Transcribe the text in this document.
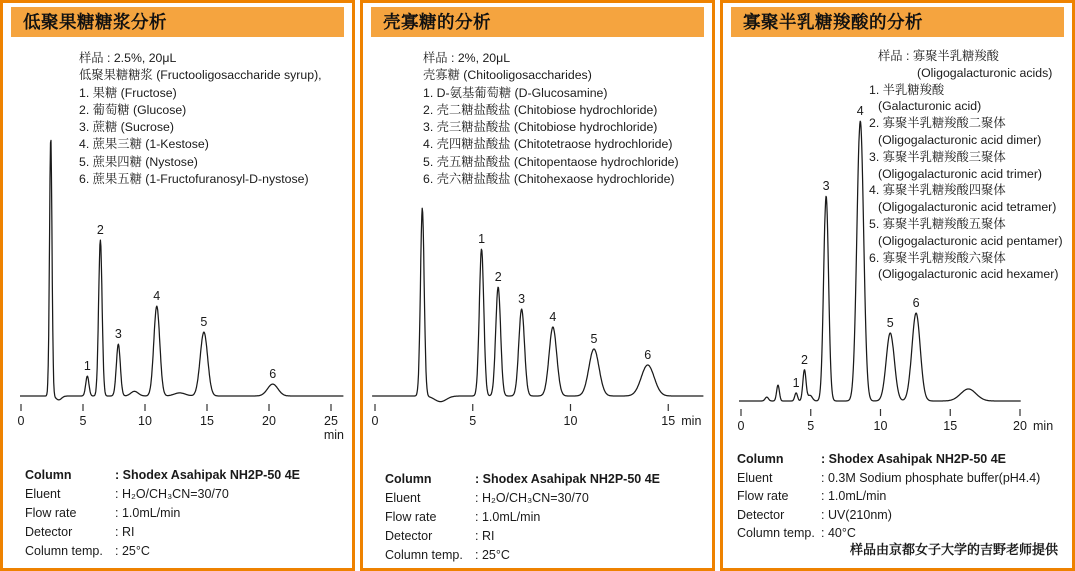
0	5	10	15	20	25
min
1
2
3
4
5
6
低聚果糖糖浆分析
样品 : 2.5%, 20μL
低聚果糖糖浆 (Fructooligosaccharide syrup),
1. 果糖 (Fructose)
2. 葡萄糖 (Glucose)
3. 蔗糖 (Sucrose)
4. 蔗果三糖 (1-Kestose)
5. 蔗果四糖 (Nystose)
6. 蔗果五糖 (1-Fructofuranosyl-D-nystose)
Column	: Shodex Asahipak NH2P-50 4E
Eluent	: H₂O/CH₃CN=30/70
Flow rate	: 1.0mL/min
Detector	: RI
Column temp. : 25°C
0	5	10	15 min
1
2
3
4
5
6
壳寡糖的分析
样品 : 2%, 20μL
壳寡糖 (Chitooligosaccharides)
1. D-氨基葡萄糖 (D-Glucosamine)
2. 壳二糖盐酸盐 (Chitobiose hydrochloride)
3. 壳三糖盐酸盐 (Chitobiose hydrochloride)
4. 壳四糖盐酸盐 (Chitotetraose hydrochloride)
5. 壳五糖盐酸盐 (Chitopentaose hydrochloride)
6. 壳六糖盐酸盐 (Chitohexaose hydrochloride)
Column	: Shodex Asahipak NH2P-50 4E
Eluent	: H₂O/CH₃CN=30/70
Flow rate	: 1.0mL/min
Detector	: RI
Column temp. : 25°C
0	5	10	15	20 min
1
2
3
4
5
6
寡聚半乳糖羧酸的分析
样品 : 寡聚半乳糖羧酸
(Oligogalacturonic acids)
1. 半乳糖羧酸
(Galacturonic acid)
2. 寡聚半乳糖羧酸二聚体
(Oligogalacturonic acid dimer)
3. 寡聚半乳糖羧酸三聚体
(Oligogalacturonic acid trimer)
4. 寡聚半乳糖羧酸四聚体
(Oligogalacturonic acid tetramer)
5. 寡聚半乳糖羧酸五聚体
(Oligogalacturonic acid pentamer)
6. 寡聚半乳糖羧酸六聚体
(Oligogalacturonic acid hexamer)
Column	: Shodex Asahipak NH2P-50 4E
Eluent	: 0.3M Sodium phosphate buffer(pH4.4)
Flow rate	: 1.0mL/min
Detector	: UV(210nm)
Column temp. : 40°C
样品由京都女子大学的吉野老师提供
